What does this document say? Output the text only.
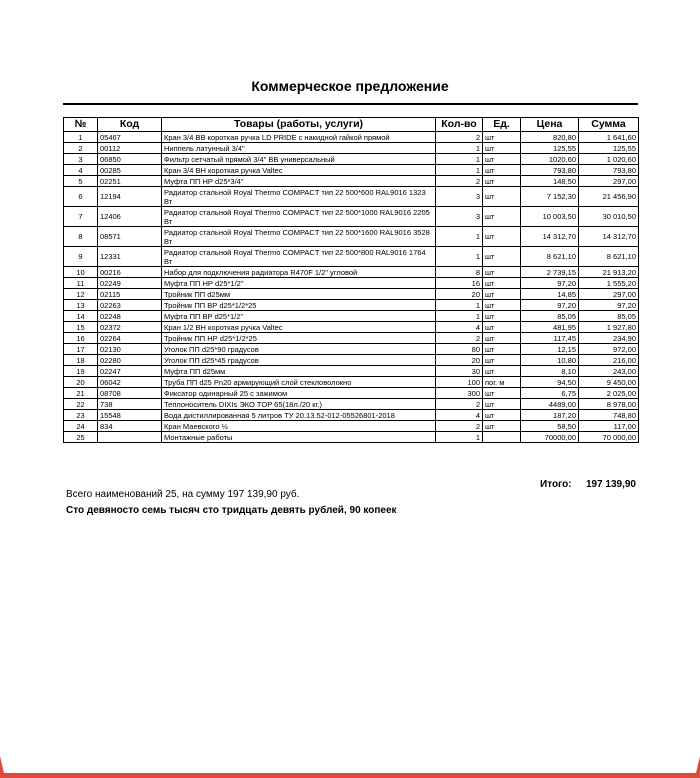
Коммерческое предложение
№	Код	Товары (работы, услуги)	Кол-во	Ед.	Цена	Сумма
1	05467	Кран 3/4 ВВ короткая ручка LD PRIDE с накидной гайкой прямой	2	шт	820,80	1 641,60
2	00112	Ниппель латунный 3/4"	1	шт	125,55	125,55
3	06850	Фильтр сетчатый прямой 3/4" ВВ универсальный	1	шт	1020,60	1 020,60
4	00285	Кран 3/4 ВН короткая ручка Valtec	1	шт	793,80	793,80
5	02251	Муфта ПП НР d25*3/4"	2	шт	148,50	297,00
6	12194	Радиатор стальной Royal Thermo COMPACT тип 22 500*600 RAL9016 1323 Вт	3	шт	7 152,30	21 456,90
7	12406	Радиатор стальной Royal Thermo COMPACT тип 22 500*1000 RAL9016 2205 Вт	3	шт	10 003,50	30 010,50
8	08571	Радиатор стальной Royal Thermo COMPACT тип 22 500*1600 RAL9016 3528 Вт	1	шт	14 312,70	14 312,70
9	12331	Радиатор стальной Royal Thermo COMPACT тип 22 500*800 RAL9016 1764 Вт	1	шт	8 621,10	8 621,10
10	00216	Набор для подключения радиатора R470F 1/2" угловой	8	шт	2 739,15	21 913,20
11	02249	Муфта ПП НР d25*1/2"	16	шт	97,20	1 555,20
12	02115	Тройник ПП d25мм	20	шт	14,85	297,00
13	02263	Тройник ПП ВР d25*1/2*25	1	шт	97,20	97,20
14	02248	Муфта ПП ВР d25*1/2"	1	шт	85,05	85,05
15	02372	Кран 1/2 ВН короткая ручка Valtec	4	шт	481,95	1 927,80
16	02264	Тройник ПП НР d25*1/2*25	2	шт	117,45	234,90
17	02130	Уголок ПП d25*90 градусов	80	шт	12,15	972,00
18	02280	Уголок ПП d25*45 градусов	20	шт	10,80	216,00
19	02247	Муфта ПП d25мм	30	шт	8,10	243,00
20	06042	Труба ПП d25 Pn20 армирующий слой стекловолокно	100	пог. м	94,50	9 450,00
21	08708	Фиксатор одинарный 25 с зажимом	300	шт	6,75	2 025,00
22	738	Теплоноситель DIXIs ЭКО TOP 65(18л./20 кг.)	2	шт	4489,00	8 978,00
23	15548	Вода дистиллированная 5 литров ТУ 20.13.52-012-05526801-2018	4	шт	187,20	748,80
24	834	Кран Маевского ½	2	шт	58,50	117,00
25		Монтажные работы	1		70000,00	70 000,00
Итого: 197 139,90
Всего наименований 25, на сумму 197 139,90 руб.
Сто девяносто семь тысяч сто тридцать девять рублей, 90 копеек
